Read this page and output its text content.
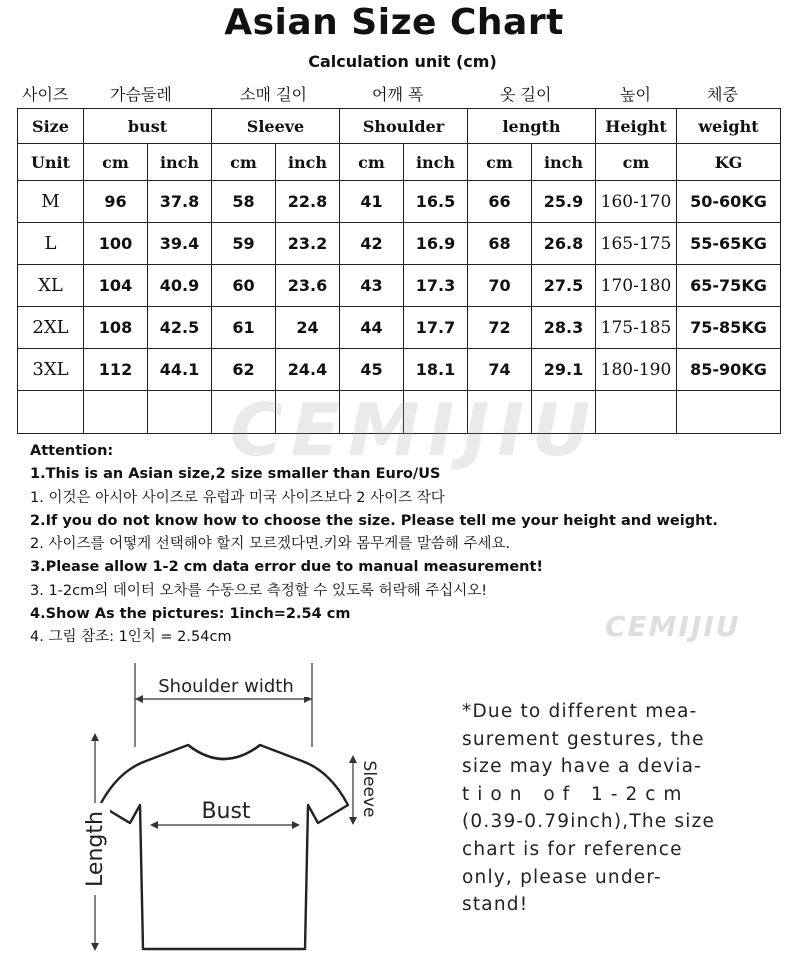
Asian Size Chart
Calculation unit (cm)
사이즈	가슴둘레	소매 길이	어깨 폭	옷 길이	높이	체중
Size	bust		Sleeve		Shoulder		length		Height	weight
Unit	cm	inch	cm	inch	cm	inch	cm	inch	cm	KG
M	96	37.8	58	22.8	41	16.5	66	25.9	160-170	50-60KG
L	100	39.4	59	23.2	42	16.9	68	26.8	165-175	55-65KG
XL	104	40.9	60	23.6	43	17.3	70	27.5	170-180	65-75KG
2XL	108	42.5	61	24	44	17.7	72	28.3	175-185	75-85KG
3XL	112	44.1	62	24.4	45	18.1	74	29.1	180-190	85-90KG

CEMIJIU
CEMIJIU
Attention:
1.This is an Asian size,2 size smaller than Euro/US
1. 이것은 아시아 사이즈로 유럽과 미국 사이즈보다 2 사이즈 작다
2.If you do not know how to choose the size. Please tell me your height and weight.
2. 사이즈를 어떻게 선택해야 할지 모르겠다면.키와 몸무게를 말씀해 주세요.
3.Please allow 1-2 cm data error due to manual measurement!
3. 1-2cm의 데이터 오차를 수동으로 측정할 수 있도록 허락해 주십시오!
4.Show As the pictures: 1inch=2.54 cm
4. 그림 참조: 1인치 = 2.54cm
Shoulder width
Bust
Length
Sleeve
*Due to different mea-
surement gestures, the
size may have a devia-
tion of 1-2cm
(0.39-0.79inch),The size
chart is for reference
only, please under-
stand!
